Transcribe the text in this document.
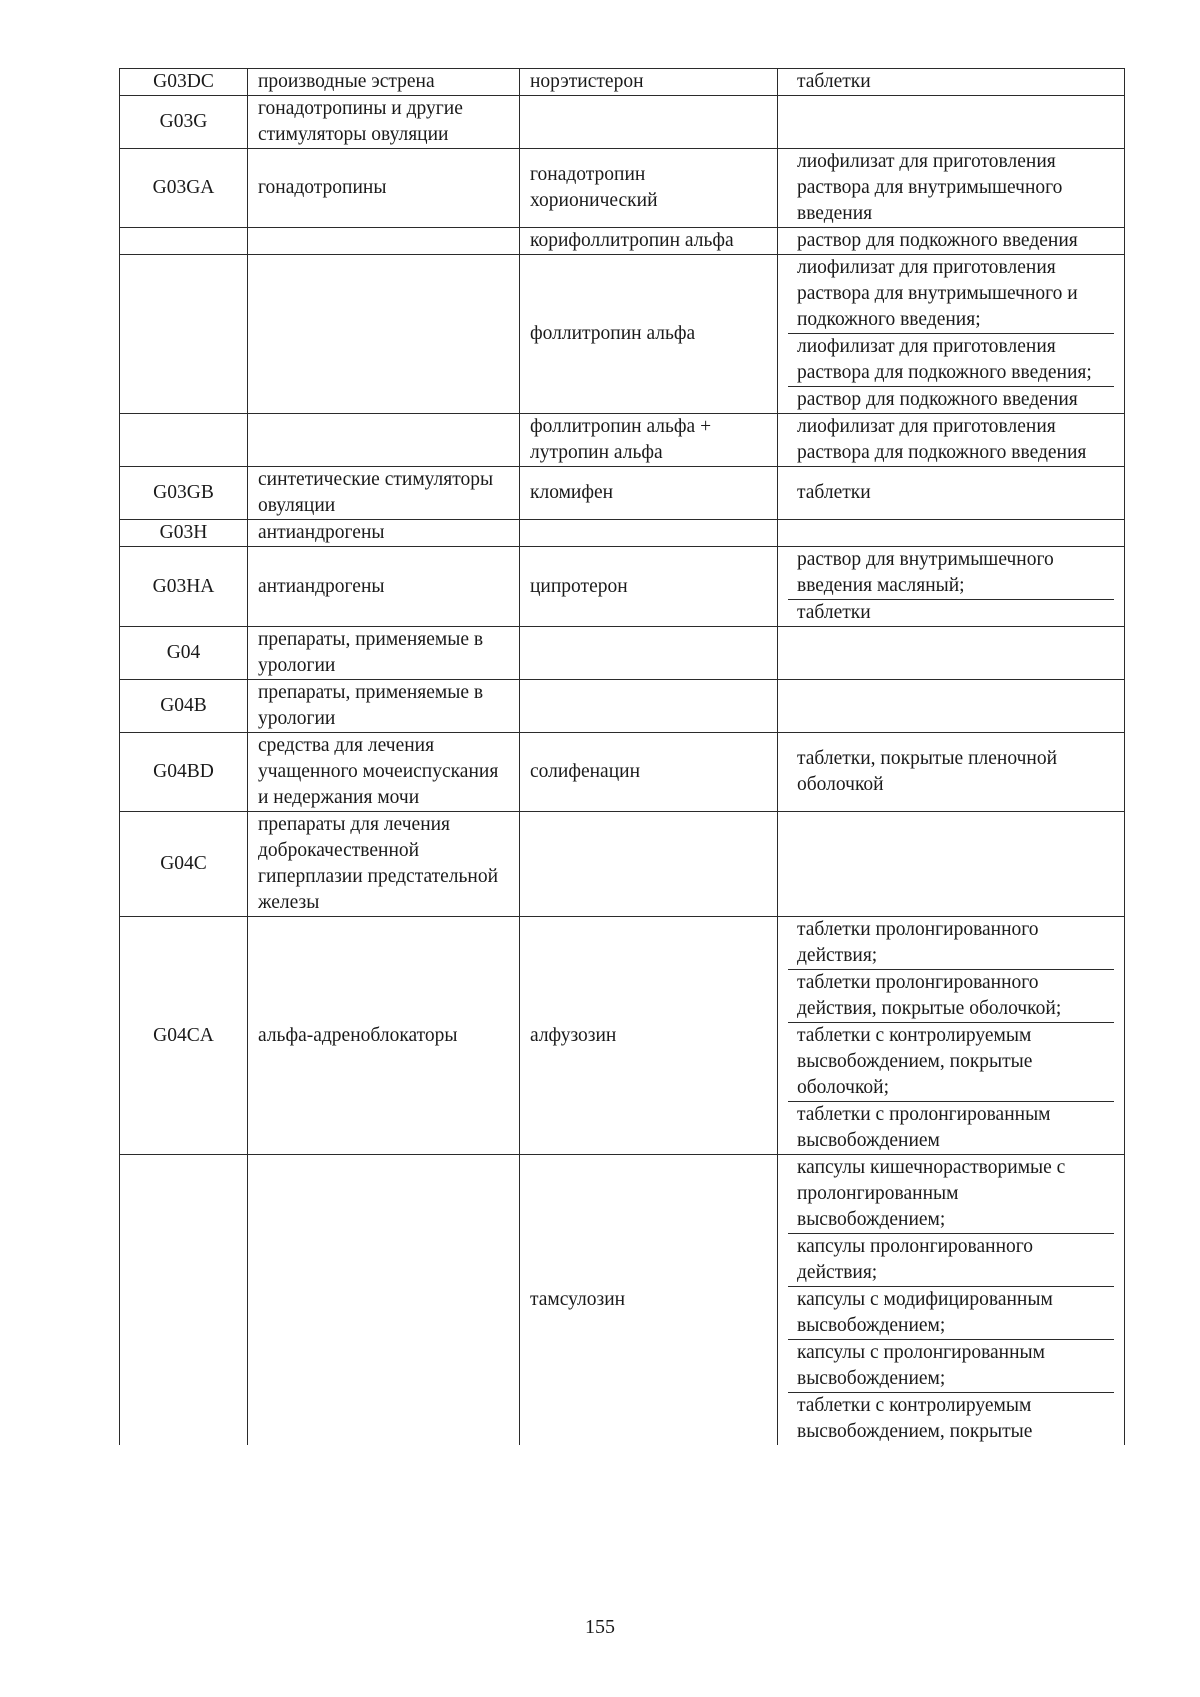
G03DC	производные эстрена	норэтистерон	таблетки

G03G	гонадотропины и другие стимуляторы овуляции		

G03GA	гонадотропины	гонадотропин хорионический	лиофилизат для приготовления раствора для внутримышечного введения

		корифоллитропин альфа	раствор для подкожного введения

		фоллитропин альфа	лиофилизат для приготовления раствора для внутримышечного и подкожного введения;
лиофилизат для приготовления раствора для подкожного введения;
раствор для подкожного введения

		фоллитропин альфа + лутропин альфа	лиофилизат для приготовления раствора для подкожного введения

G03GB	синтетические стимуляторы овуляции	кломифен	таблетки

G03H	антиандрогены		

G03HA	антиандрогены	ципротерон	раствор для внутримышечного введения масляный;
таблетки

G04	препараты, применяемые в урологии		

G04B	препараты, применяемые в урологии		

G04BD	средства для лечения учащенного мочеиспускания и недержания мочи	солифенацин	таблетки, покрытые пленочной оболочкой

G04C	препараты для лечения доброкачественной гиперплазии предстательной железы		

G04CA	альфа-адреноблокаторы	алфузозин	таблетки пролонгированного действия;
таблетки пролонгированного действия, покрытые оболочкой;
таблетки с контролируемым высвобождением, покрытые оболочкой;
таблетки с пролонгированным высвобождением

		тамсулозин	капсулы кишечнорастворимые с пролонгированным высвобождением;
капсулы пролонгированного действия;
капсулы с модифицированным высвобождением;
капсулы с пролонгированным высвобождением;
таблетки с контролируемым высвобождением, покрытые
155
